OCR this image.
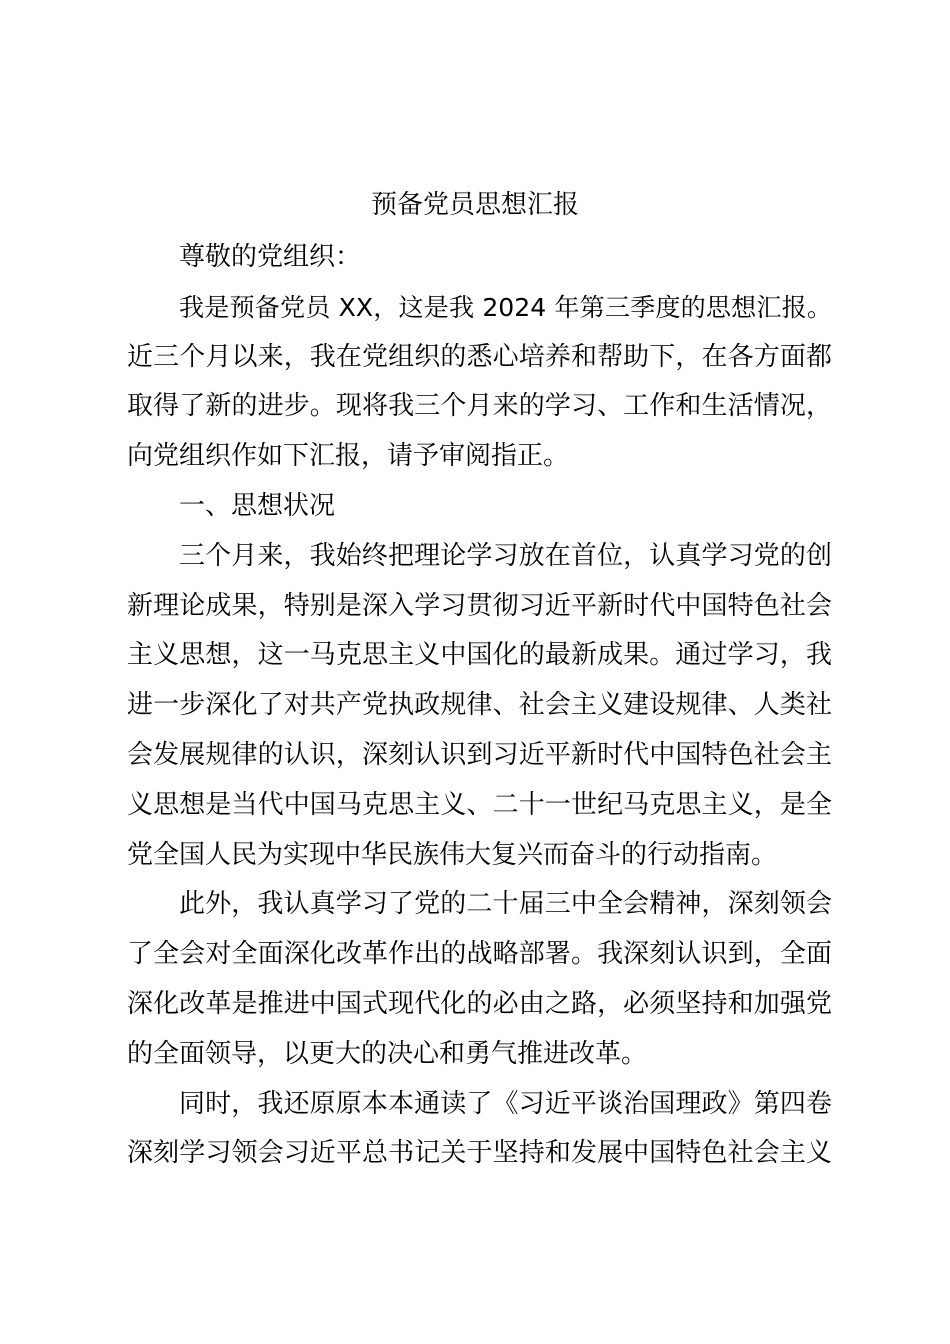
预备党员思想汇报
尊敬的党组织：
我是预备党员 XX，这是我 2024 年第三季度的思想汇报。
近三个月以来，我在党组织的悉心培养和帮助下，在各方面都
取得了新的进步。现将我三个月来的学习、工作和生活情况，
向党组织作如下汇报，请予审阅指正。
一、思想状况
三个月来，我始终把理论学习放在首位，认真学习党的创
新理论成果，特别是深入学习贯彻习近平新时代中国特色社会
主义思想，这一马克思主义中国化的最新成果。通过学习，我
进一步深化了对共产党执政规律、社会主义建设规律、人类社
会发展规律的认识，深刻认识到习近平新时代中国特色社会主
义思想是当代中国马克思主义、二十一世纪马克思主义，是全
党全国人民为实现中华民族伟大复兴而奋斗的行动指南。
此外，我认真学习了党的二十届三中全会精神，深刻领会
了全会对全面深化改革作出的战略部署。我深刻认识到，全面
深化改革是推进中国式现代化的必由之路，必须坚持和加强党
的全面领导，以更大的决心和勇气推进改革。
同时，我还原原本本通读了《习近平谈治国理政》第四卷
深刻学习领会习近平总书记关于坚持和发展中国特色社会主义
